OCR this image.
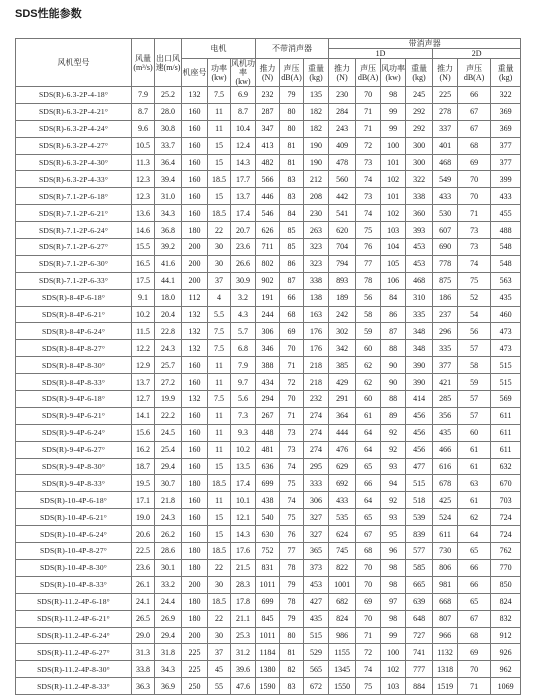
SDS性能参数
风机型号	风量 (m³/s)	出口风速(m/s)	电机			不带消声器			带消声器						
									1D				2D		
			机座号	功率 (kw)	风机功率 (kw)	推力 (N)	声压 dB(A)	重量 (kg)	推力 (N)	声压 dB(A)	风功率 (kw)	重量 (kg)	推力 (N)	声压 dB(A)	重量 (kg)
SDS(R)-6.3-2P-4-18°	7.9	25.2	132	7.5	6.9	232	79	135	230	70	98	245	225	66	322
SDS(R)-6.3-2P-4-21°	8.7	28.0	160	11	8.7	287	80	182	284	71	99	292	278	67	369
SDS(R)-6.3-2P-4-24°	9.6	30.8	160	11	10.4	347	80	182	243	71	99	292	337	67	369
SDS(R)-6.3-2P-4-27°	10.5	33.7	160	15	12.4	413	81	190	409	72	100	300	401	68	377
SDS(R)-6.3-2P-4-30°	11.3	36.4	160	15	14.3	482	81	190	478	73	101	300	468	69	377
SDS(R)-6.3-2P-4-33°	12.3	39.4	160	18.5	17.7	566	83	212	560	74	102	322	549	70	399
SDS(R)-7.1-2P-6-18°	12.3	31.0	160	15	13.7	446	83	208	442	73	101	338	433	70	433
SDS(R)-7.1-2P-6-21°	13.6	34.3	160	18.5	17.4	546	84	230	541	74	102	360	530	71	455
SDS(R)-7.1-2P-6-24°	14.6	36.8	180	22	20.7	626	85	263	620	75	103	393	607	73	488
SDS(R)-7.1-2P-6-27°	15.5	39.2	200	30	23.6	711	85	323	704	76	104	453	690	73	548
SDS(R)-7.1-2P-6-30°	16.5	41.6	200	30	26.6	802	86	323	794	77	105	453	778	74	548
SDS(R)-7.1-2P-6-33°	17.5	44.1	200	37	30.9	902	87	338	893	78	106	468	875	75	563
SDS(R)-8-4P-6-18°	9.1	18.0	112	4	3.2	191	66	138	189	56	84	310	186	52	435
SDS(R)-8-4P-6-21°	10.2	20.4	132	5.5	4.3	244	68	163	242	58	86	335	237	54	460
SDS(R)-8-4P-6-24°	11.5	22.8	132	7.5	5.7	306	69	176	302	59	87	348	296	56	473
SDS(R)-8-4P-8-27°	12.2	24.3	132	7.5	6.8	346	70	176	342	60	88	348	335	57	473
SDS(R)-8-4P-8-30°	12.9	25.7	160	11	7.9	388	71	218	385	62	90	390	377	58	515
SDS(R)-8-4P-8-33°	13.7	27.2	160	11	9.7	434	72	218	429	62	90	390	421	59	515
SDS(R)-9-4P-6-18°	12.7	19.9	132	7.5	5.6	294	70	232	291	60	88	414	285	57	569
SDS(R)-9-4P-6-21°	14.1	22.2	160	11	7.3	267	71	274	364	61	89	456	356	57	611
SDS(R)-9-4P-6-24°	15.6	24.5	160	11	9.3	448	73	274	444	64	92	456	435	60	611
SDS(R)-9-4P-6-27°	16.2	25.4	160	11	10.2	481	73	274	476	64	92	456	466	61	611
SDS(R)-9-4P-8-30°	18.7	29.4	160	15	13.5	636	74	295	629	65	93	477	616	61	632
SDS(R)-9-4P-8-33°	19.5	30.7	180	18.5	17.4	699	75	333	692	66	94	515	678	63	670
SDS(R)-10-4P-6-18°	17.1	21.8	160	11	10.1	438	74	306	433	64	92	518	425	61	703
SDS(R)-10-4P-6-21°	19.0	24.3	160	15	12.1	540	75	327	535	65	93	539	524	62	724
SDS(R)-10-4P-6-24°	20.6	26.2	160	15	14.3	630	76	327	624	67	95	839	611	64	724
SDS(R)-10-4P-8-27°	22.5	28.6	180	18.5	17.6	752	77	365	745	68	96	577	730	65	762
SDS(R)-10-4P-8-30°	23.6	30.1	180	22	21.5	831	78	373	822	70	98	585	806	66	770
SDS(R)-10-4P-8-33°	26.1	33.2	200	30	28.3	1011	79	453	1001	70	98	665	981	66	850
SDS(R)-11.2-4P-6-18°	24.1	24.4	180	18.5	17.8	699	78	427	682	69	97	639	668	65	824
SDS(R)-11.2-4P-6-21°	26.5	26.9	180	22	21.1	845	79	435	824	70	98	648	807	67	832
SDS(R)-11.2-4P-6-24°	29.0	29.4	200	30	25.3	1011	80	515	986	71	99	727	966	68	912
SDS(R)-11.2-4P-6-27°	31.3	31.8	225	37	31.2	1184	81	529	1155	72	100	741	1132	69	926
SDS(R)-11.2-4P-8-30°	33.8	34.3	225	45	39.6	1380	82	565	1345	74	102	777	1318	70	962
SDS(R)-11.2-4P-8-33°	36.3	36.9	250	55	47.6	1590	83	672	1550	75	103	884	1519	71	1069
